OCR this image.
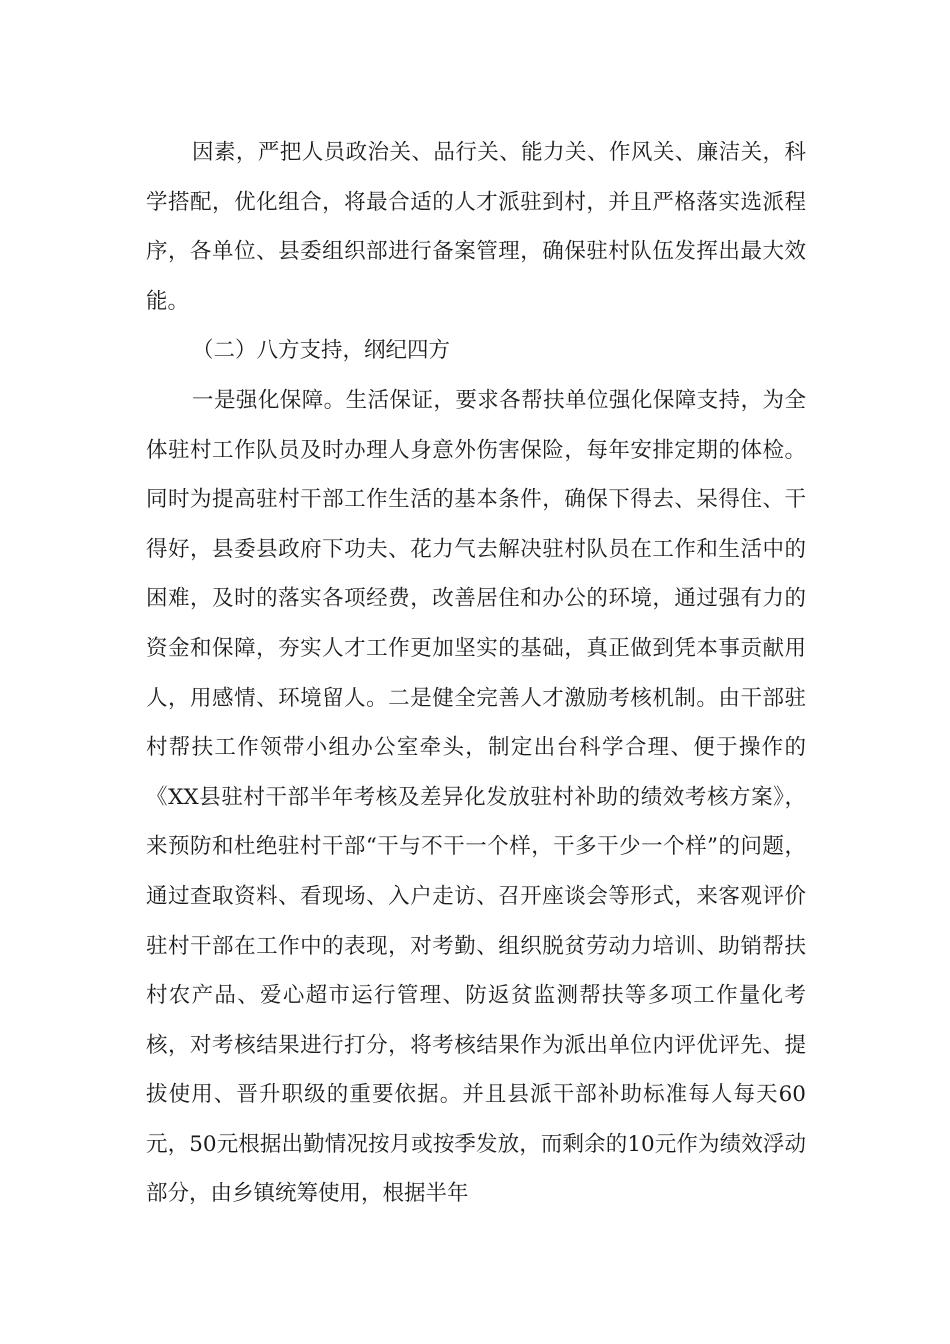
因素，严把人员政治关、品行关、能力关、作风关、廉洁关，科学搭配，优化组合，将最合适的人才派驻到村，并且严格落实选派程序，各单位、县委组织部进行备案管理，确保驻村队伍发挥出最大效能。

（二）八方支持，纲纪四方

一是强化保障。生活保证，要求各帮扶单位强化保障支持，为全体驻村工作队员及时办理人身意外伤害保险，每年安排定期的体检。同时为提高驻村干部工作生活的基本条件，确保下得去、呆得住、干得好，县委县政府下功夫、花力气去解决驻村队员在工作和生活中的困难，及时的落实各项经费，改善居住和办公的环境，通过强有力的资金和保障，夯实人才工作更加坚实的基础，真正做到凭本事贡献用人，用感情、环境留人。二是健全完善人才激励考核机制。由干部驻村帮扶工作领带小组办公室牵头，制定出台科学合理、便于操作的《XX县驻村干部半年考核及差异化发放驻村补助的绩效考核方案》，来预防和杜绝驻村干部“干与不干一个样，干多干少一个样”的问题，通过查取资料、看现场、入户走访、召开座谈会等形式，来客观评价驻村干部在工作中的表现，对考勤、组织脱贫劳动力培训、助销帮扶村农产品、爱心超市运行管理、防返贫监测帮扶等多项工作量化考核，对考核结果进行打分，将考核结果作为派出单位内评优评先、提拔使用、晋升职级的重要依据。并且县派干部补助标准每人每天60元，50元根据出勤情况按月或按季发放，而剩余的10元作为绩效浮动部分，由乡镇统筹使用，根据半年
